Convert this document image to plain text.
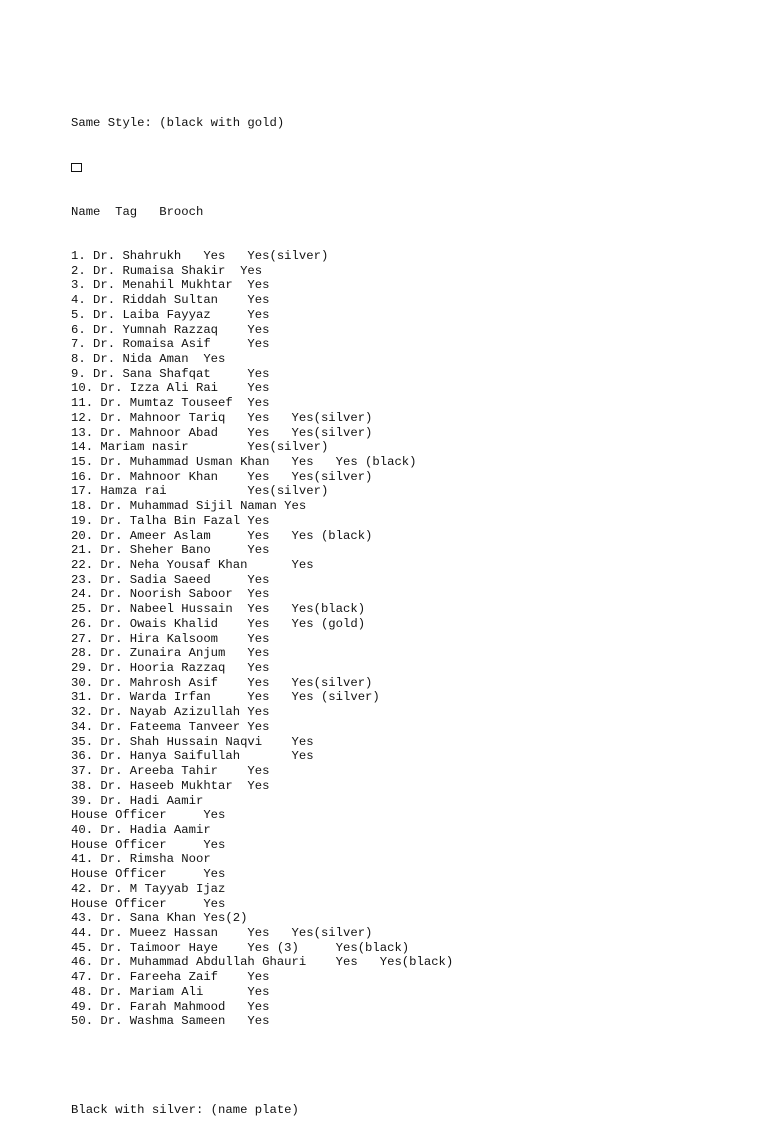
Same Style: (black with gold)

Name  Tag   Brooch

1. Dr. Shahrukh   Yes   Yes(silver)
2. Dr. Rumaisa Shakir  Yes
3. Dr. Menahil Mukhtar  Yes
4. Dr. Riddah Sultan    Yes
5. Dr. Laiba Fayyaz     Yes
6. Dr. Yumnah Razzaq    Yes
7. Dr. Romaisa Asif     Yes
8. Dr. Nida Aman  Yes
9. Dr. Sana Shafqat     Yes
10. Dr. Izza Ali Rai    Yes
11. Dr. Mumtaz Touseef  Yes
12. Dr. Mahnoor Tariq   Yes   Yes(silver)
13. Dr. Mahnoor Abad    Yes   Yes(silver)
14. Mariam nasir        Yes(silver)
15. Dr. Muhammad Usman Khan   Yes   Yes (black)
16. Dr. Mahnoor Khan    Yes   Yes(silver)
17. Hamza rai           Yes(silver)
18. Dr. Muhammad Sijil Naman Yes
19. Dr. Talha Bin Fazal Yes
20. Dr. Ameer Aslam     Yes   Yes (black)
21. Dr. Sheher Bano     Yes
22. Dr. Neha Yousaf Khan      Yes
23. Dr. Sadia Saeed     Yes
24. Dr. Noorish Saboor  Yes
25. Dr. Nabeel Hussain  Yes   Yes(black)
26. Dr. Owais Khalid    Yes   Yes (gold)
27. Dr. Hira Kalsoom    Yes
28. Dr. Zunaira Anjum   Yes
29. Dr. Hooria Razzaq   Yes
30. Dr. Mahrosh Asif    Yes   Yes(silver)
31. Dr. Warda Irfan     Yes   Yes (silver)
32. Dr. Nayab Azizullah Yes
34. Dr. Fateema Tanveer Yes
35. Dr. Shah Hussain Naqvi    Yes
36. Dr. Hanya Saifullah       Yes
37. Dr. Areeba Tahir    Yes
38. Dr. Haseeb Mukhtar  Yes
39. Dr. Hadi Aamir
House Officer     Yes
40. Dr. Hadia Aamir
House Officer     Yes
41. Dr. Rimsha Noor
House Officer     Yes
42. Dr. M Tayyab Ijaz
House Officer     Yes
43. Dr. Sana Khan Yes(2)
44. Dr. Mueez Hassan    Yes   Yes(silver)
45. Dr. Taimoor Haye    Yes (3)     Yes(black)
46. Dr. Muhammad Abdullah Ghauri    Yes   Yes(black)
47. Dr. Fareeha Zaif    Yes
48. Dr. Mariam Ali      Yes
49. Dr. Farah Mahmood   Yes
50. Dr. Washma Sameen   Yes

Black with silver: (name plate)
